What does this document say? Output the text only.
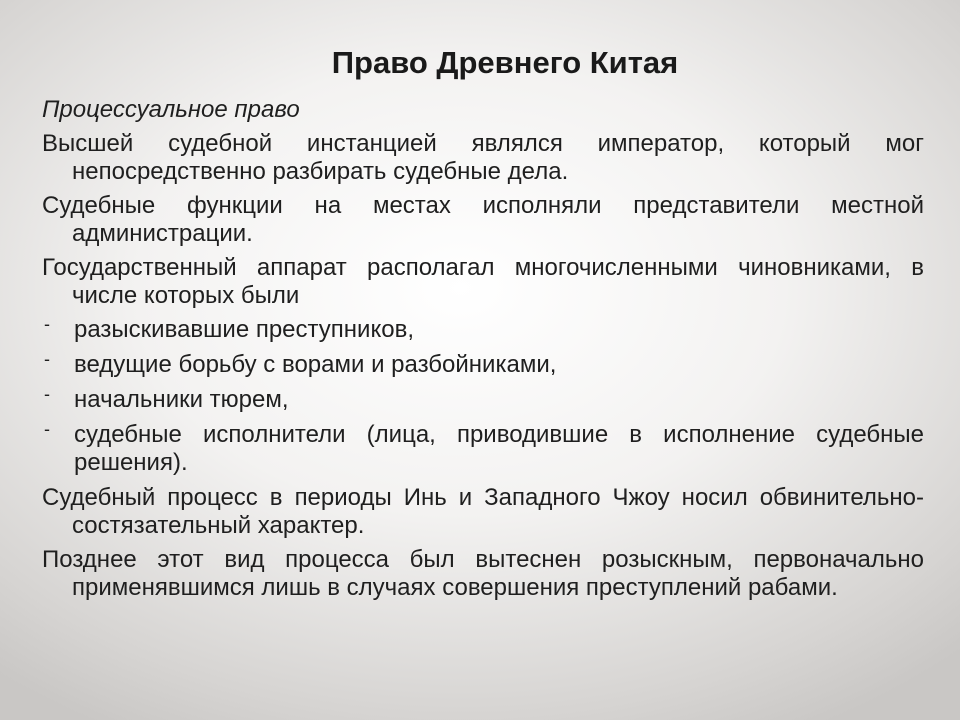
Право Древнего Китая
Процессуальное право
Высшей судебной инстанцией являлся император, который мог непосредственно разбирать судебные дела.
Судебные функции на местах исполняли представители местной администрации.
Государственный аппарат располагал многочисленными чиновниками, в числе которых были
- разыскивавшие преступников,
- ведущие борьбу с ворами и разбойниками,
- начальники тюрем,
- судебные исполнители (лица, приводившие в исполнение судебные решения).
Судебный процесс в периоды Инь и Западного Чжоу носил обвинительно-состязательный характер.
Позднее этот вид процесса был вытеснен розыскным, первоначально применявшимся лишь в случаях совершения преступлений рабами.
